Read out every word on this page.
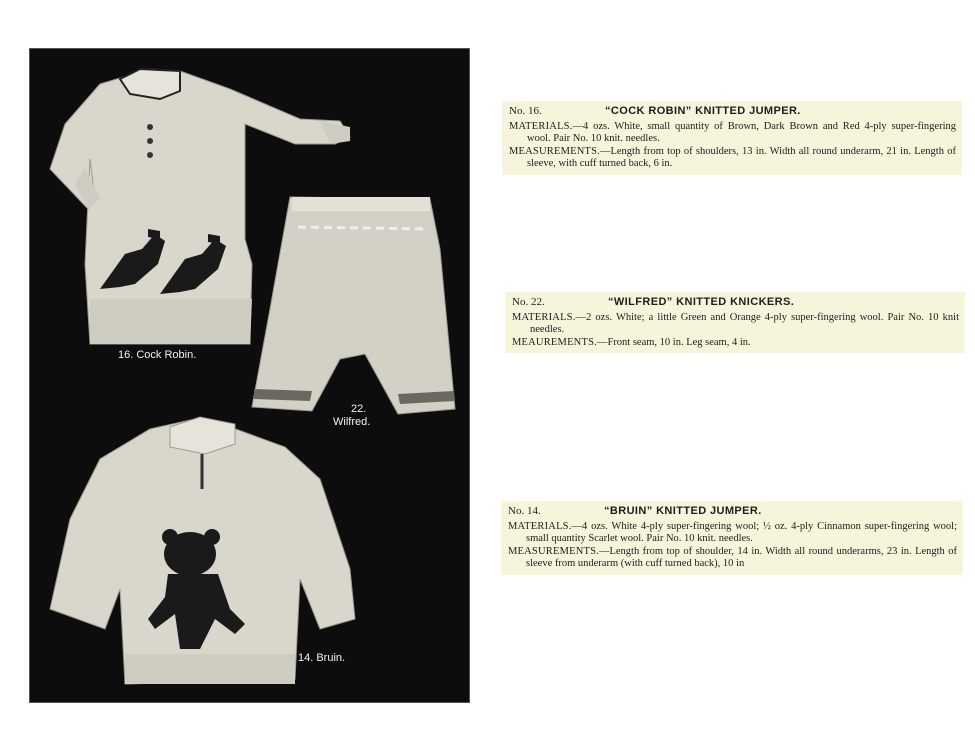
16. Cock Robin.
22.
Wilfred.
14. Bruin.
No. 16.	“COCK ROBIN” KNITTED JUMPER.

MATERIALS.—4 ozs. White, small quantity of Brown, Dark Brown and Red 4-ply super-fingering wool. Pair No. 10 knit. needles.

MEASUREMENTS.—Length from top of shoulders, 13 in. Width all round underarm, 21 in. Length of sleeve, with cuff turned back, 6 in.

No. 22.	“WILFRED” KNITTED KNICKERS.

MATERIALS.—2 ozs. White; a little Green and Orange 4-ply super-fingering wool. Pair No. 10 knit needles.

MEAUREMENTS.—Front seam, 10 in. Leg seam, 4 in.

No. 14.	“BRUIN” KNITTED JUMPER.

MATERIALS.—4 ozs. White 4-ply super-fingering wool; ½ oz. 4-ply Cinnamon super-fingering wool; small quantity Scarlet wool. Pair No. 10 knit. needles.

MEASUREMENTS.—Length from top of shoulder, 14 in. Width all round underarms, 23 in. Length of sleeve from underarm (with cuff turned back), 10 in
